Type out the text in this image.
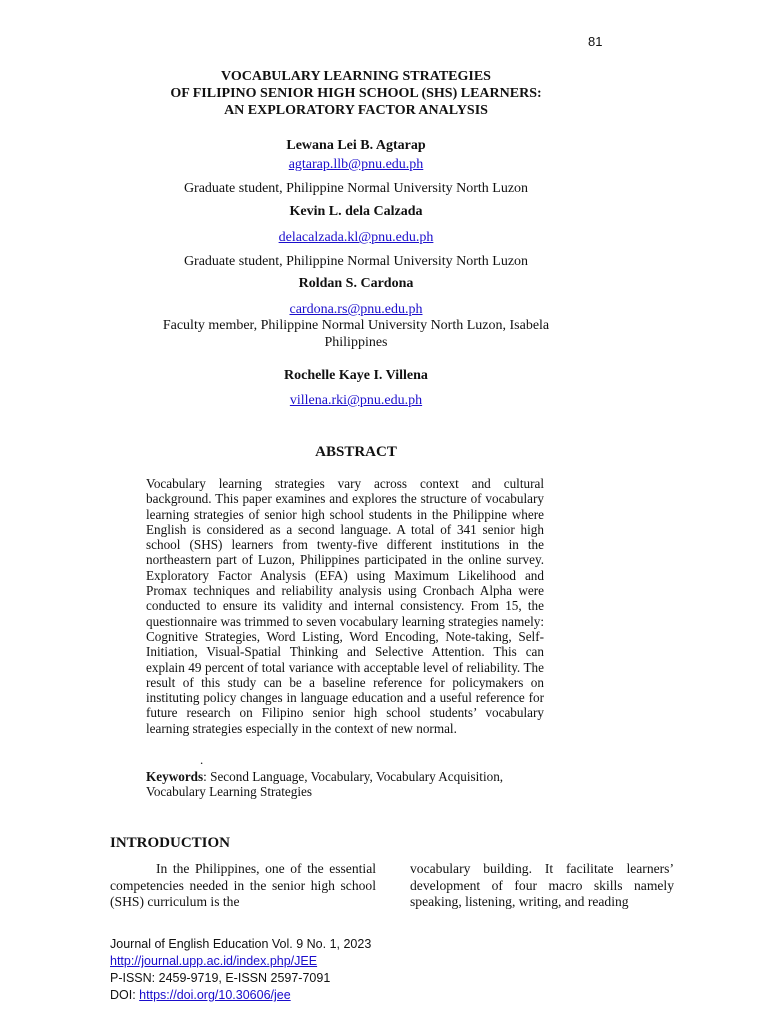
81
VOCABULARY LEARNING STRATEGIES
OF FILIPINO SENIOR HIGH SCHOOL (SHS) LEARNERS:
AN EXPLORATORY FACTOR ANALYSIS
Lewana Lei B. Agtarap
agtarap.llb@pnu.edu.ph
Graduate student, Philippine Normal University North Luzon
Kevin L. dela Calzada
delacalzada.kl@pnu.edu.ph
Graduate student, Philippine Normal University North Luzon
Roldan S. Cardona
cardona.rs@pnu.edu.ph
Faculty member, Philippine Normal University North Luzon, Isabela
Philippines
Rochelle Kaye I. Villena
villena.rki@pnu.edu.ph
ABSTRACT

Vocabulary learning strategies vary across context and cultural background. This paper examines and explores the structure of vocabulary learning strategies of senior high school students in the Philippine where English is considered as a second language. A total of 341 senior high school (SHS) learners from twenty-five different institutions in the northeastern part of Luzon, Philippines participated in the online survey. Exploratory Factor Analysis (EFA) using Maximum Likelihood and Promax techniques and reliability analysis using Cronbach Alpha were conducted to ensure its validity and internal consistency. From 15, the questionnaire was trimmed to seven vocabulary learning strategies namely: Cognitive Strategies, Word Listing, Word Encoding, Note-taking, Self-Initiation, Visual-Spatial Thinking and Selective Attention. This can explain 49 percent of total variance with acceptable level of reliability. The result of this study can be a baseline reference for policymakers on instituting policy changes in language education and a useful reference for future research on Filipino senior high school students’ vocabulary learning strategies especially in the context of new normal.

.
Keywords: Second Language, Vocabulary, Vocabulary Acquisition, Vocabulary Learning Strategies
INTRODUCTION
In the Philippines, one of the essential competencies needed in the senior high school (SHS) curriculum is the
vocabulary building. It facilitate learners’ development of four macro skills namely speaking, listening, writing, and reading
Journal of English Education Vol. 9 No. 1, 2023
http://journal.upp.ac.id/index.php/JEE
P-ISSN: 2459-9719, E-ISSN 2597-7091
DOI: https://doi.org/10.30606/jee
